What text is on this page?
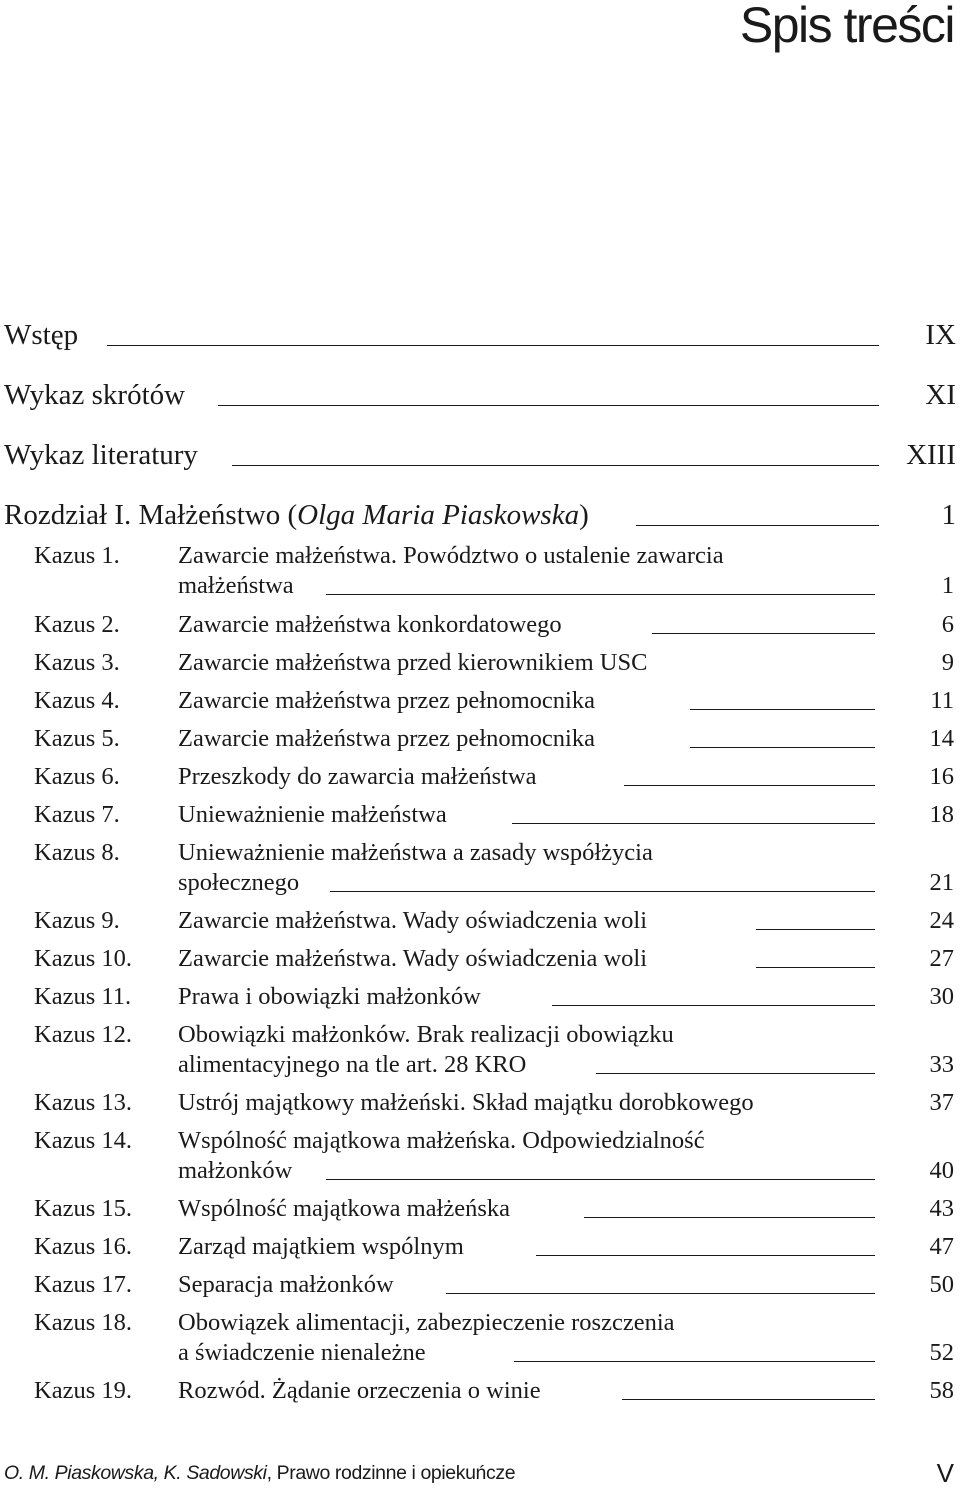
Spis treści
Wstęp	IX
Wykaz skrótów	XI
Wykaz literatury	XIII
Rozdział I. Małżeństwo (Olga Maria Piaskowska)	1
Kazus 1. Zawarcie małżeństwa. Powództwo o ustalenie zawarcia
małżeństwa	1
Kazus 2. Zawarcie małżeństwa konkordatowego	6
Kazus 3. Zawarcie małżeństwa przed kierownikiem USC	9
Kazus 4. Zawarcie małżeństwa przez pełnomocnika	11
Kazus 5. Zawarcie małżeństwa przez pełnomocnika	14
Kazus 6. Przeszkody do zawarcia małżeństwa	16
Kazus 7. Unieważnienie małżeństwa	18
Kazus 8. Unieważnienie małżeństwa a zasady współżycia
społecznego	21
Kazus 9. Zawarcie małżeństwa. Wady oświadczenia woli	24
Kazus 10. Zawarcie małżeństwa. Wady oświadczenia woli	27
Kazus 11. Prawa i obowiązki małżonków	30
Kazus 12. Obowiązki małżonków. Brak realizacji obowiązku
alimentacyjnego na tle art. 28 KRO	33
Kazus 13. Ustrój majątkowy małżeński. Skład majątku dorobkowego	37
Kazus 14. Wspólność majątkowa małżeńska. Odpowiedzialność
małżonków	40
Kazus 15. Wspólność majątkowa małżeńska	43
Kazus 16. Zarząd majątkiem wspólnym	47
Kazus 17. Separacja małżonków	50
Kazus 18. Obowiązek alimentacji, zabezpieczenie roszczenia
a świadczenie nienależne	52
Kazus 19. Rozwód. Żądanie orzeczenia o winie	58
O. M. Piaskowska, K. Sadowski, Prawo rodzinne i opiekuńcze	V
